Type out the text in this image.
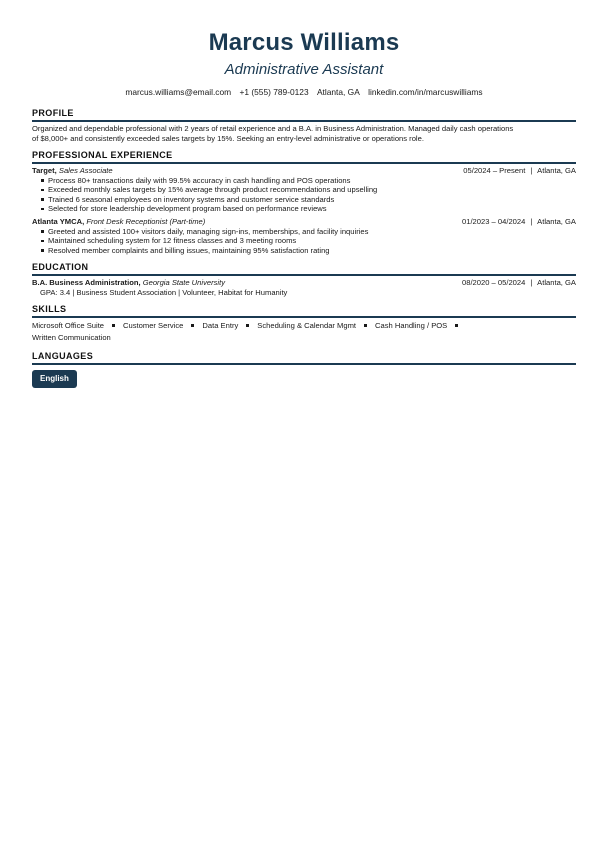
Marcus Williams
Administrative Assistant
marcus.williams@email.com +1 (555) 789-0123 Atlanta, GA linkedin.com/in/marcuswilliams
PROFILE
Organized and dependable professional with 2 years of retail experience and a B.A. in Business Administration. Managed daily cash operations
of $8,000+ and consistently exceeded sales targets by 15%. Seeking an entry-level administrative or operations role.
PROFESSIONAL EXPERIENCE
Target, Sales Associate	05/2024 – Present | Atlanta, GA
Process 80+ transactions daily with 99.5% accuracy in cash handling and POS operations
Exceeded monthly sales targets by 15% average through product recommendations and upselling
Trained 6 seasonal employees on inventory systems and customer service standards
Selected for store leadership development program based on performance reviews
Atlanta YMCA, Front Desk Receptionist (Part-time)	01/2023 – 04/2024 | Atlanta, GA
Greeted and assisted 100+ visitors daily, managing sign-ins, memberships, and facility inquiries
Maintained scheduling system for 12 fitness classes and 3 meeting rooms
Resolved member complaints and billing issues, maintaining 95% satisfaction rating
EDUCATION
B.A. Business Administration, Georgia State University	08/2020 – 05/2024 | Atlanta, GA
GPA: 3.4 | Business Student Association | Volunteer, Habitat for Humanity
SKILLS
Microsoft Office Suite	Customer Service	Data Entry	Scheduling & Calendar Mgmt	Cash Handling / POS
Written Communication
LANGUAGES
English
